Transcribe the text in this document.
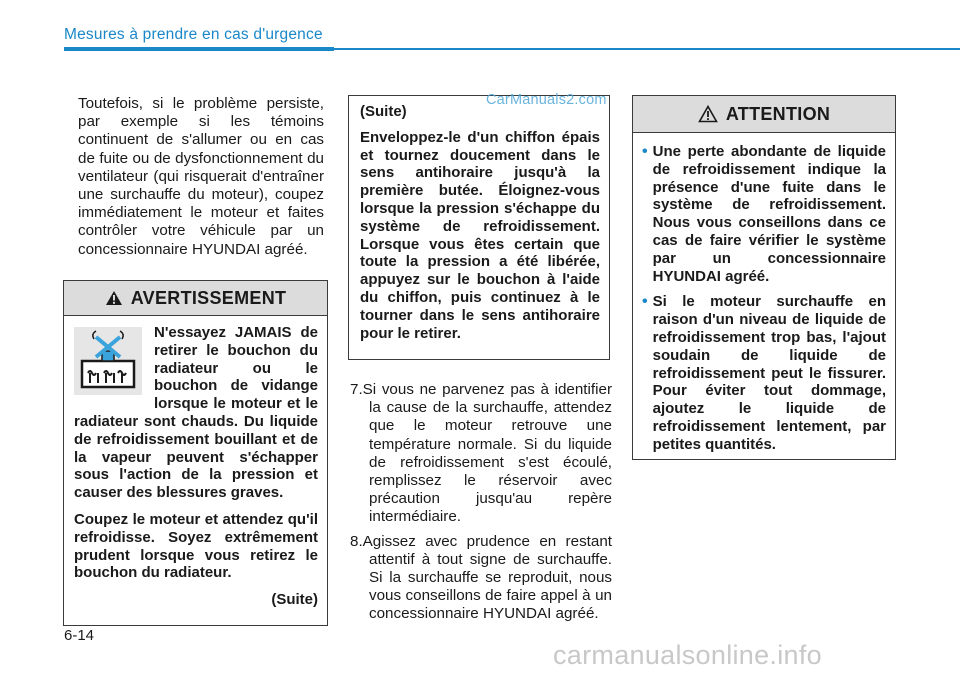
Mesures à prendre en cas d'urgence
Toutefois, si le problème persiste, par exemple si les témoins continuent de s'allumer ou en cas de fuite ou de dysfonctionnement du ventilateur (qui risquerait d'entraîner une surchauffe du moteur), coupez immédiatement le moteur et faites contrôler votre véhicule par un concessionnaire HYUNDAI agréé.
AVERTISSEMENT

N'essayez JAMAIS de retirer le bouchon du radiateur ou le bouchon de vidange lorsque le moteur et le radiateur sont chauds. Du liquide de refroidissement bouillant et de la vapeur peuvent s'échapper sous l'action de la pression et causer des blessures graves.

Coupez le moteur et attendez qu'il refroidisse. Soyez extrêmement prudent lorsque vous retirez le bouchon du radiateur.

(Suite)

(Suite)

Enveloppez-le d'un chiffon épais et tournez doucement dans le sens antihoraire jusqu'à la première butée. Éloignez-vous lorsque la pression s'échappe du système de refroidissement. Lorsque vous êtes certain que toute la pression a été libérée, appuyez sur le bouchon à l'aide du chiffon, puis continuez à le tourner dans le sens antihoraire pour le retirer.

CarManuals2.com
7.Si vous ne parvenez pas à identifier la cause de la surchauffe, attendez que le moteur retrouve une température normale. Si du liquide de refroidissement s'est écoulé, remplissez le réservoir avec précaution jusqu'au repère intermédiaire.
8.Agissez avec prudence en restant attentif à tout signe de surchauffe. Si la surchauffe se reproduit, nous vous conseillons de faire appel à un concessionnaire HYUNDAI agréé.
ATTENTION
• Une perte abondante de liquide de refroidissement indique la présence d'une fuite dans le système de refroidissement. Nous vous conseillons dans ce cas de faire vérifier le système par un concessionnaire HYUNDAI agréé.
• Si le moteur surchauffe en raison d'un niveau de liquide de refroidissement trop bas, l'ajout soudain de liquide de refroidissement peut le fissurer. Pour éviter tout dommage, ajoutez le liquide de refroidissement lentement, par petites quantités.
6-14
carmanualsonline.info
